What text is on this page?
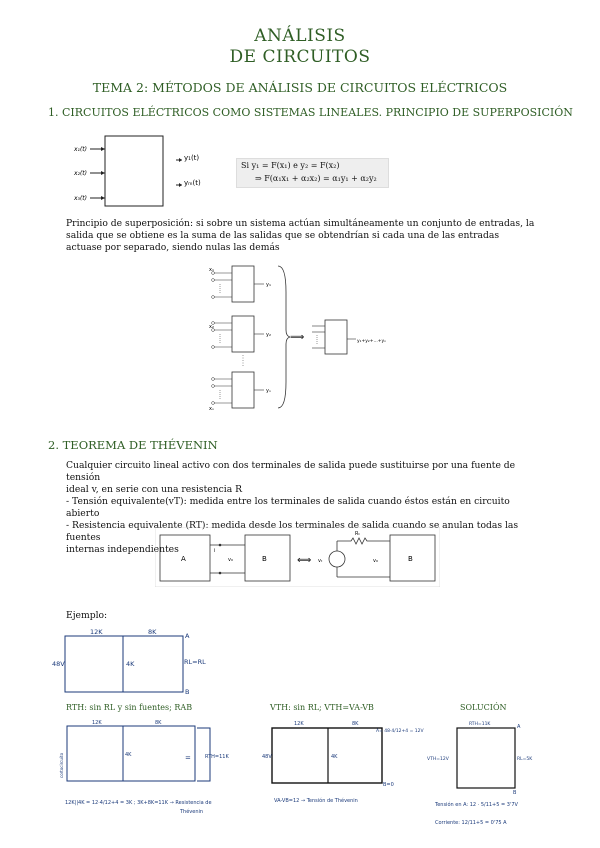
ANÁLISIS
DE CIRCUITOS
TEMA 2: MÉTODOS DE ANÁLISIS DE CIRCUITOS ELÉCTRICOS
1. CIRCUITOS ELÉCTRICOS COMO SISTEMAS LINEALES. PRINCIPIO DE SUPERPOSICIÓN
x₁(t)
x₂(t)
x₃(t)
y₁(t)
yₘ(t)
Si y₁ = F(x₁) e y₂ = F(x₂)
⇒ F(α₁x₁ + α₂x₂) = α₁y₁ + α₂y₂
Principio de superposición: si sobre un sistema actúan simultáneamente un conjunto de entradas, la salida que se obtiene es la suma de las salidas que se obtendrían si cada una de las entradas actuase por separado, siendo nulas las demás
x₁
y₁
x₂
y₂
xₙ
yₙ
⟹	y₁+y₂+...+yₙ
2. TEOREMA DE THÉVENIN
Cualquier circuito lineal activo con dos terminales de salida puede sustituirse por una fuente de tensión
ideal v, en serie con una resistencia R
- Tensión equivalente(vT): medida entre los terminales de salida cuando éstos están en circuito abierto
- Resistencia equivalente (RT): medida desde los terminales de salida cuando se anulan todas las fuentes
internas independientes
A	B
i
v₀	⟺ vₜ
Rₜ
v₀	B
Ejemplo:
12K	8K
4K
48V	RL=RL
A
B
RTH: sin RL y sin fuentes; RAB
12K	8K
4K
cortocircuito	=	RTH=11K
12K||4K = 12·4/12+4 = 3K ; 3K+8K=11K → Resistencia de
Thévenin
VTH: sin RL; VTH=VA-VB
12K	8K
4K
48V
A= 48·4/12+4 = 12V
B=0
VA-VB=12 → Tensión de Thévenin
SOLUCIÓN
RTH=11K
VTH=12V	RL=5K
A
B
Tensión en A: 12 · 5/11+5 = 3'7V
Corriente: 12/11+5 = 0'75 A
